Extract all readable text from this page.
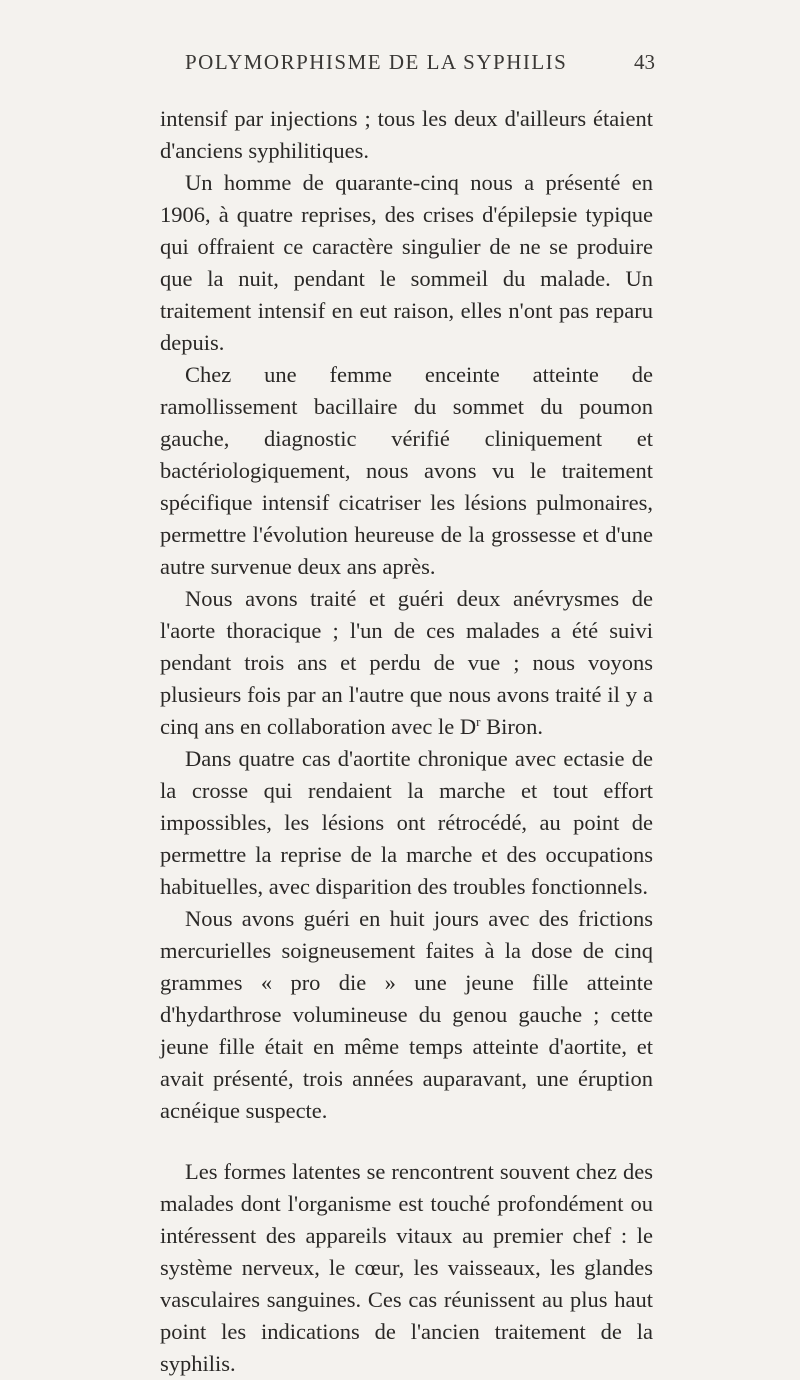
POLYMORPHISME DE LA SYPHILIS	43

intensif par injections ; tous les deux d'ailleurs étaient d'anciens syphilitiques.

Un homme de quarante-cinq nous a présenté en 1906, à quatre reprises, des crises d'épilepsie typique qui offraient ce caractère singulier de ne se produire que la nuit, pendant le sommeil du malade. Un traitement intensif en eut raison, elles n'ont pas reparu depuis.

Chez une femme enceinte atteinte de ramollissement bacillaire du sommet du poumon gauche, diagnostic vérifié cliniquement et bactériologiquement, nous avons vu le traitement spécifique intensif cicatriser les lésions pulmonaires, permettre l'évolution heureuse de la grossesse et d'une autre survenue deux ans après.

Nous avons traité et guéri deux anévrysmes de l'aorte thoracique ; l'un de ces malades a été suivi pendant trois ans et perdu de vue ; nous voyons plusieurs fois par an l'autre que nous avons traité il y a cinq ans en collaboration avec le $D^r$ Biron.

Dans quatre cas d'aortite chronique avec ectasie de la crosse qui rendaient la marche et tout effort impossibles, les lésions ont rétrocédé, au point de permettre la reprise de la marche et des occupations habituelles, avec disparition des troubles fonctionnels.

Nous avons guéri en huit jours avec des frictions mercurielles soigneusement faites à la dose de cinq grammes « pro die » une jeune fille atteinte d'hydarthrose volumineuse du genou gauche ; cette jeune fille était en même temps atteinte d'aortite, et avait présenté, trois années auparavant, une éruption acnéique suspecte.

Les formes latentes se rencontrent souvent chez des malades dont l'organisme est touché profondément ou intéressent des appareils vitaux au premier chef : le système nerveux, le cœur, les vaisseaux, les glandes vasculaires sanguines. Ces cas réunissent au plus haut point les indications de l'ancien traitement de la syphilis.
